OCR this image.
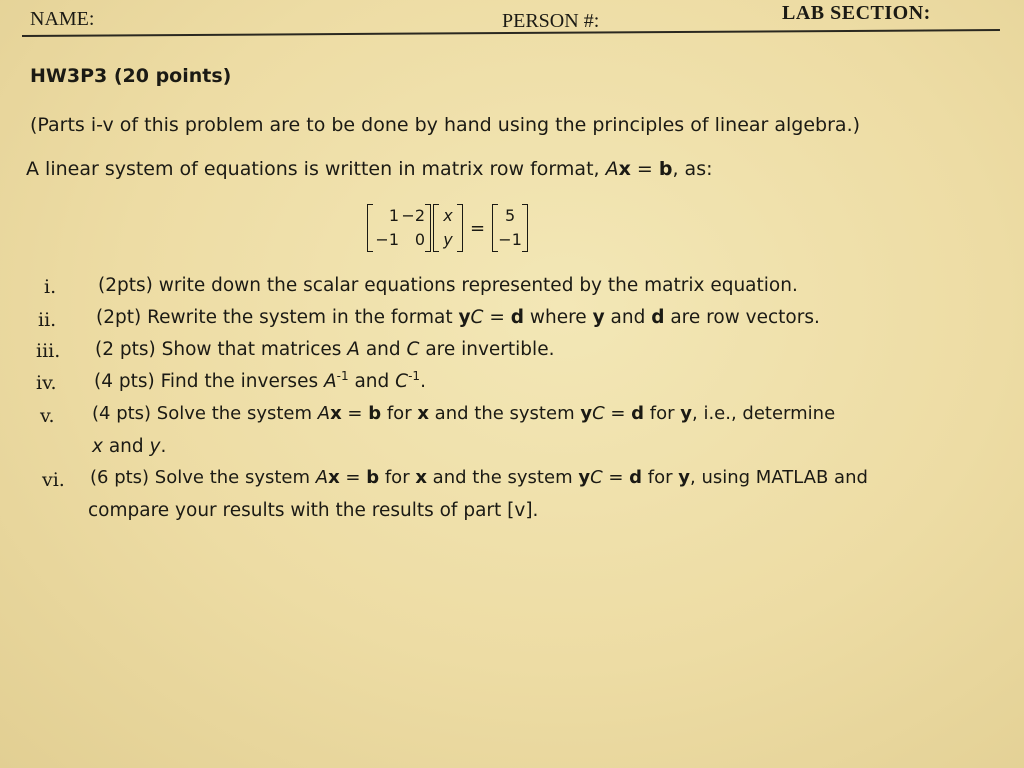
NAME:	PERSON #:	LAB SECTION:
HW3P3 (20 points)
(Parts i-v of this problem are to be done by hand using the principles of linear algebra.)
A linear system of equations is written in matrix row format, Ax = b, as:
1 −2
−1 0
x
y
=
5
−1
i. (2pts) write down the scalar equations represented by the matrix equation.
ii. (2pt) Rewrite the system in the format yC = d where y and d are row vectors.
iii. (2 pts) Show that matrices A and C are invertible.
iv. (4 pts) Find the inverses $A^{-1}$ and $C^{-1}$.
v. (4 pts) Solve the system Ax = b for x and the system yC = d for y, i.e., determine
x and y.
vi. (6 pts) Solve the system Ax = b for x and the system yC = d for y, using MATLAB and
compare your results with the results of part [v].
